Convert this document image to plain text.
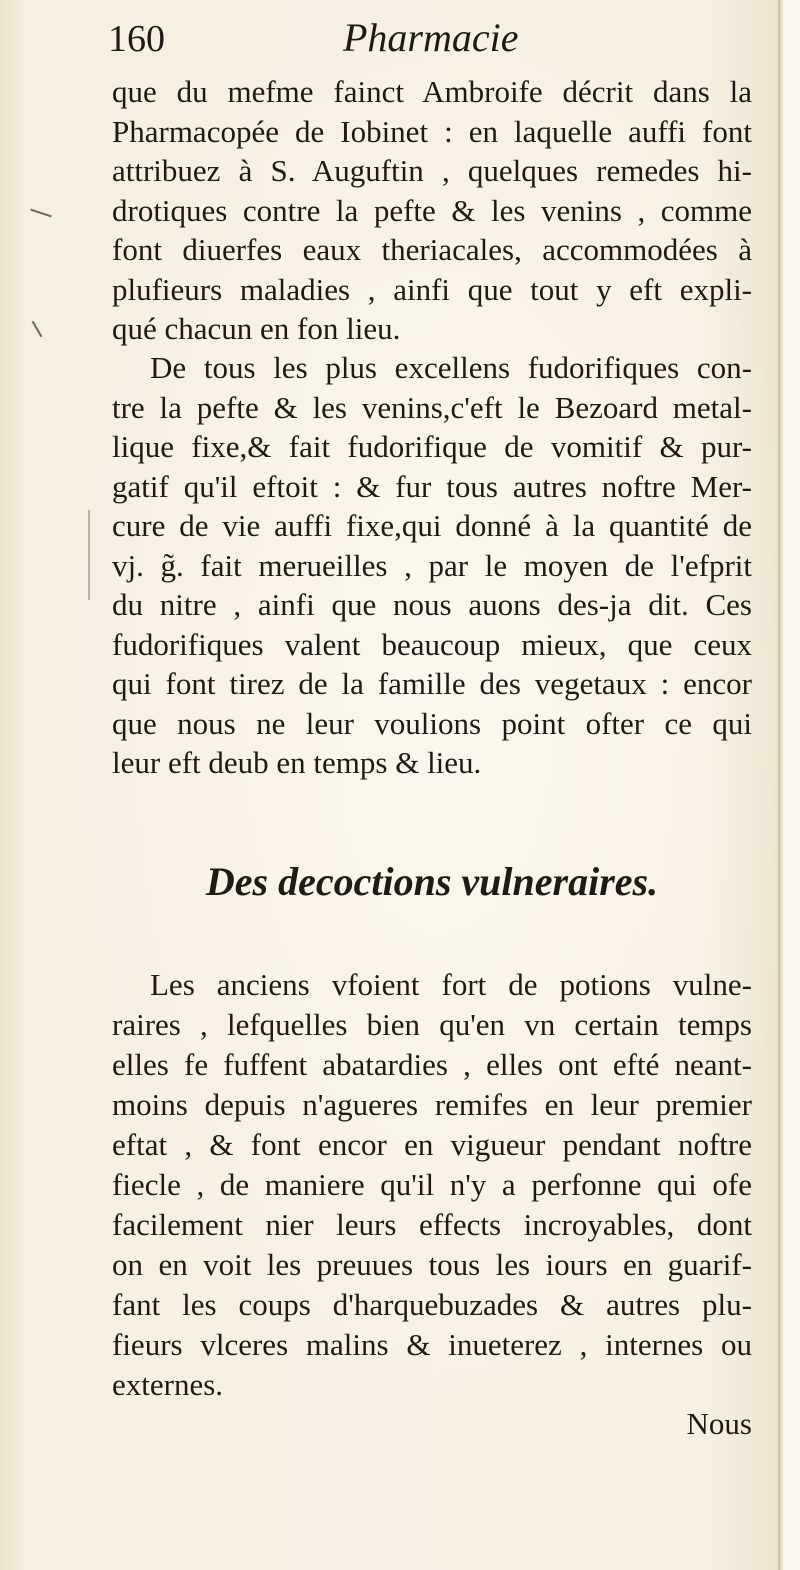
160	Pharmacie
que du mefme fainct Ambroife décrit dans la
Pharmacopée de Iobinet : en laquelle auffi font
attribuez à S. Auguftin , quelques remedes hi-
drotiques contre la pefte & les venins , comme
font diuerfes eaux theriacales, accommodées à
plufieurs maladies , ainfi que tout y eft expli-
qué chacun en fon lieu.
De tous les plus excellens fudorifiques con-
tre la pefte & les venins,c'eft le Bezoard metal-
lique fixe,& fait fudorifique de vomitif & pur-
gatif qu'il eftoit : & fur tous autres noftre Mer-
cure de vie auffi fixe,qui donné à la quantité de
vj. g̃. fait merueilles , par le moyen de l'efprit
du nitre , ainfi que nous auons des-ja dit. Ces
fudorifiques valent beaucoup mieux, que ceux
qui font tirez de la famille des vegetaux : encor
que nous ne leur voulions point ofter ce qui
leur eft deub en temps & lieu.
Des decoctions vulneraires.
Les anciens vfoient fort de potions vulne-
raires , lefquelles bien qu'en vn certain temps
elles fe fuffent abatardies , elles ont efté neant-
moins depuis n'agueres remifes en leur premier
eftat , & font encor en vigueur pendant noftre
fiecle , de maniere qu'il n'y a perfonne qui ofe
facilement nier leurs effects incroyables, dont
on en voit les preuues tous les iours en guarif-
fant les coups d'harquebuzades & autres plu-
fieurs vlceres malins & inueterez , internes ou
externes.
Nous
